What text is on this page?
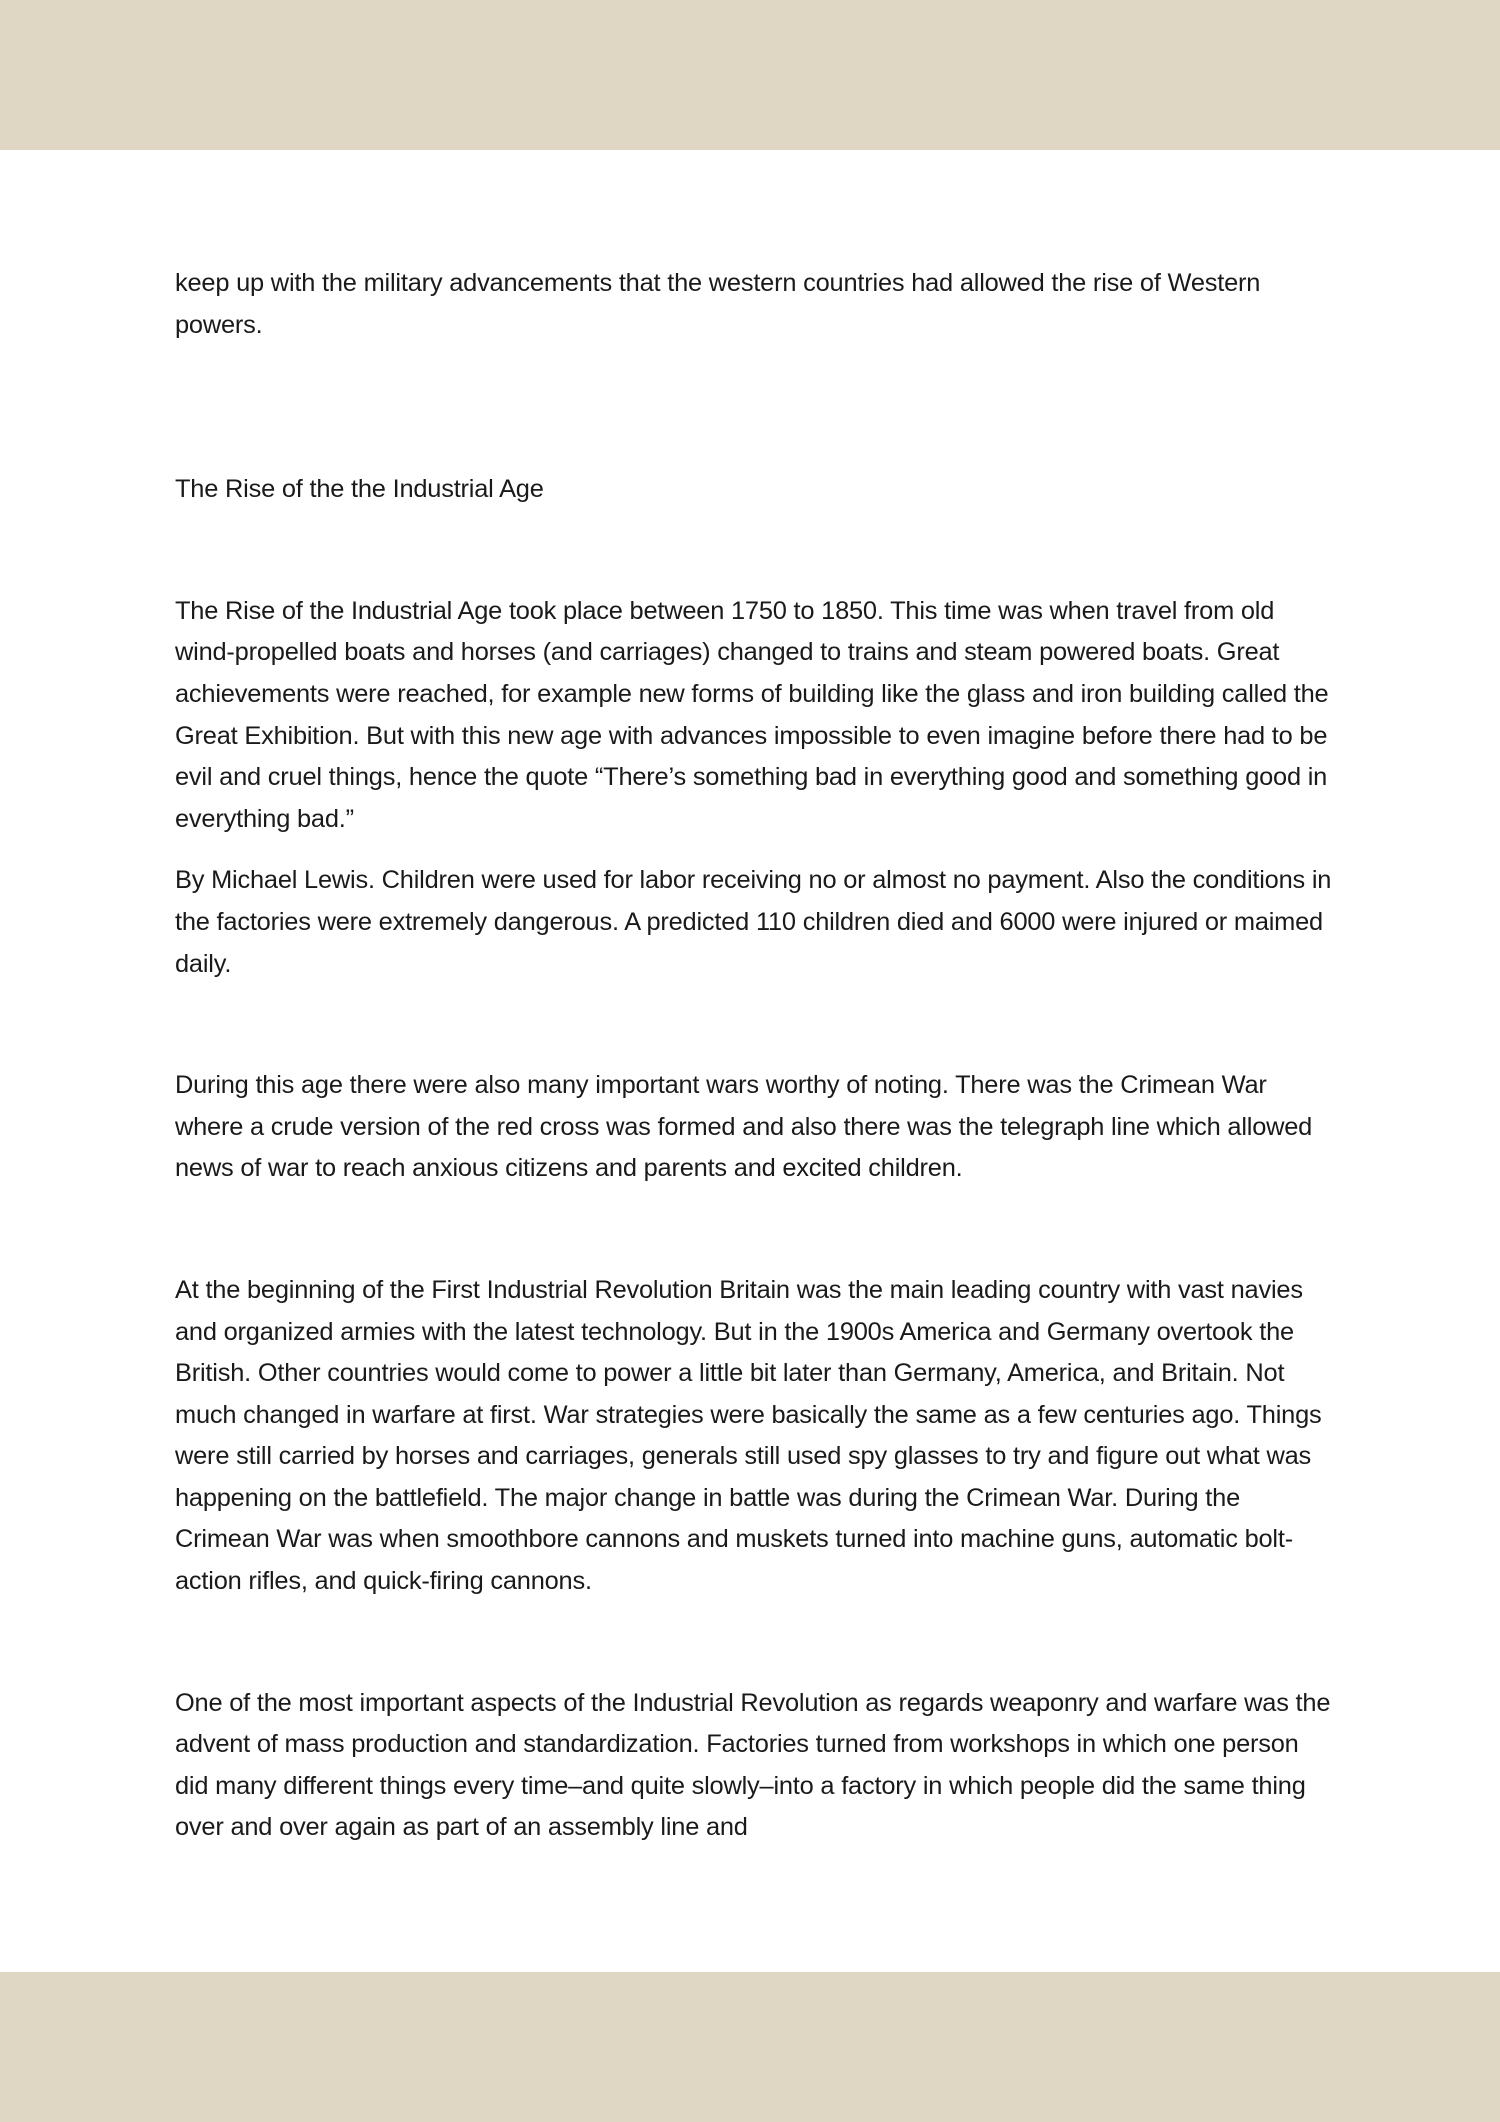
keep up with the military advancements that the western countries had allowed the rise of Western powers.

The Rise of the the Industrial Age

The Rise of the Industrial Age took place between 1750 to 1850. This time was when travel from old wind-propelled boats and horses (and carriages) changed to trains and steam powered boats. Great achievements were reached, for example new forms of building like the glass and iron building called the Great Exhibition. But with this new age with advances impossible to even imagine before there had to be evil and cruel things, hence the quote “There’s something bad in everything good and something good in everything bad.”

By Michael Lewis. Children were used for labor receiving no or almost no payment. Also the conditions in the factories were extremely dangerous. A predicted 110 children died and 6000 were injured or maimed daily.

During this age there were also many important wars worthy of noting. There was the Crimean War where a crude version of the red cross was formed and also there was the telegraph line which allowed news of war to reach anxious citizens and parents and excited children.

At the beginning of the First Industrial Revolution Britain was the main leading country with vast navies and organized armies with the latest technology. But in the 1900s America and Germany overtook the British. Other countries would come to power a little bit later than Germany, America, and Britain. Not much changed in warfare at first. War strategies were basically the same as a few centuries ago. Things were still carried by horses and carriages, generals still used spy glasses to try and figure out what was happening on the battlefield. The major change in battle was during the Crimean War. During the Crimean War was when smoothbore cannons and muskets turned into machine guns, automatic bolt-action rifles, and quick-firing cannons.

One of the most important aspects of the Industrial Revolution as regards weaponry and warfare was the advent of mass production and standardization. Factories turned from workshops in which one person did many different things every time–and quite slowly–into a factory in which people did the same thing over and over again as part of an assembly line and
